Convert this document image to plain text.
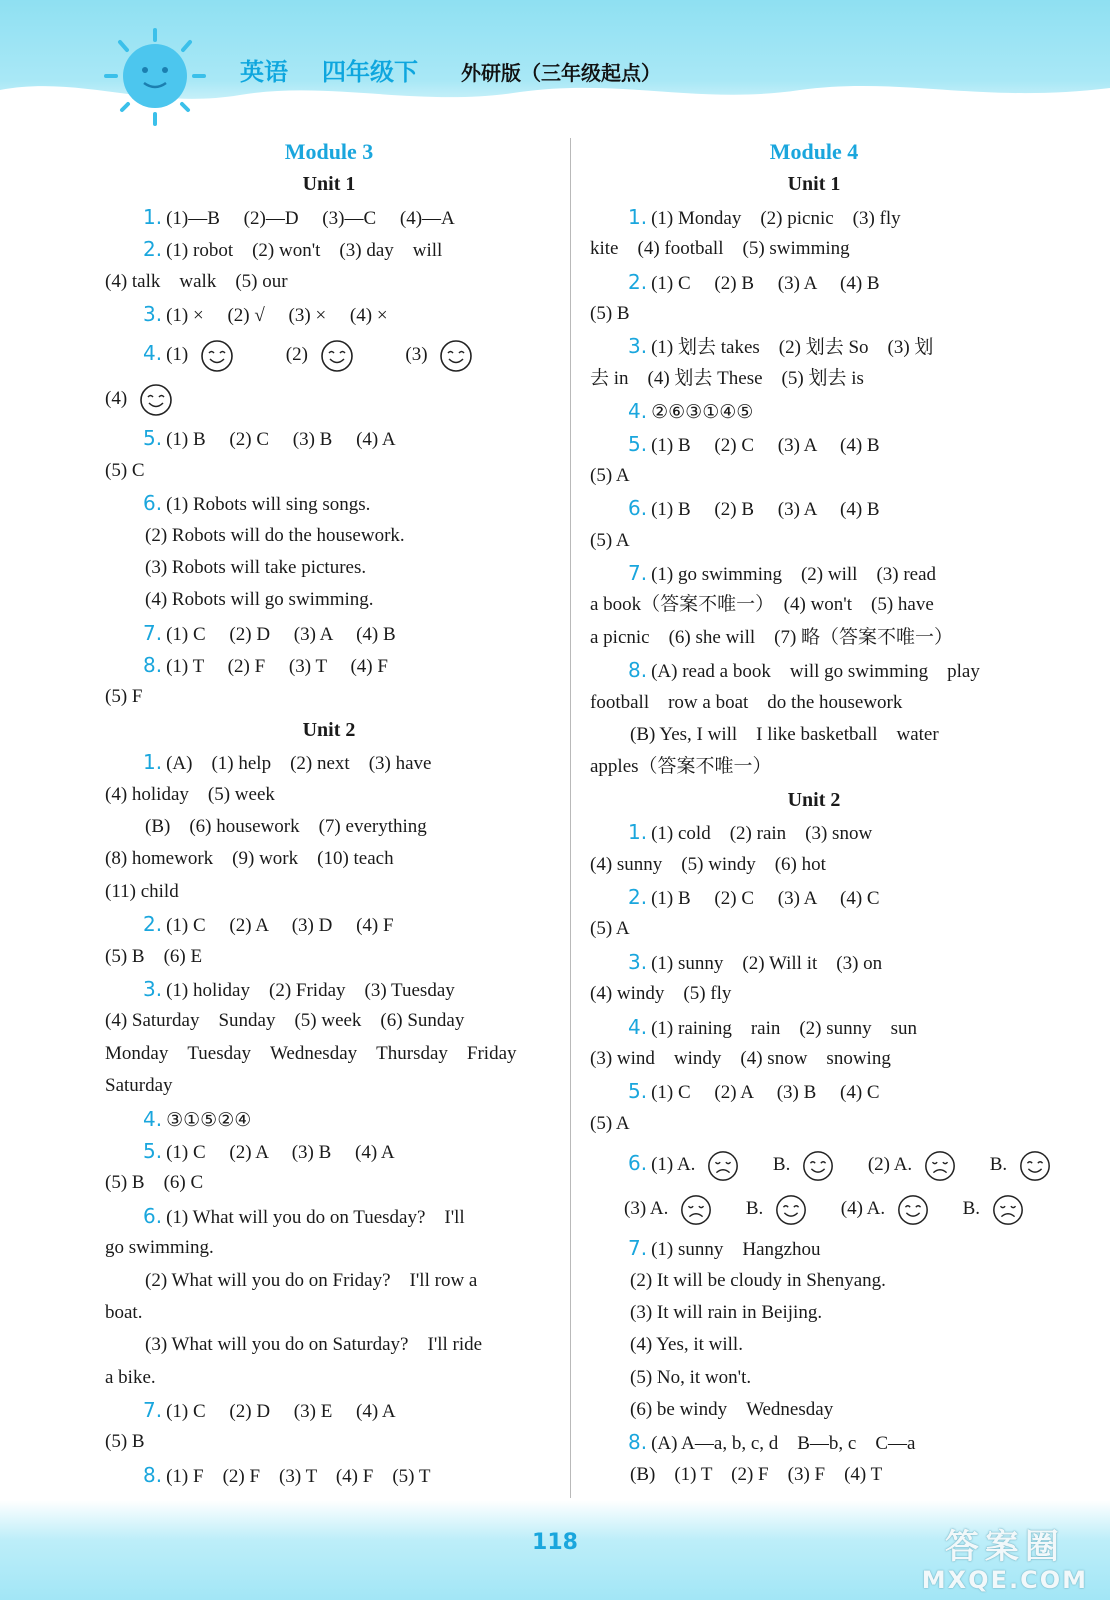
英语 四年级下 外研版（三年级起点）
Module 3
Unit 1
1. (1)—B　 (2)—D　 (3)—C　 (4)—A
2. (1) robot　(2) won't　(3) day　will
(4) talk　walk　(5) our
3. (1) ×　 (2) √　 (3) ×　 (4) ×
4. (1)	(2)	(3)
(4)
5. (1) B　 (2) C　 (3) B　 (4) A
(5) C
6. (1) Robots will sing songs.
(2) Robots will do the housework.
(3) Robots will take pictures.
(4) Robots will go swimming.
7. (1) C　 (2) D　 (3) A　 (4) B
8. (1) T　 (2) F　 (3) T　 (4) F
(5) F
Unit 2
1. (A)　(1) help　(2) next　(3) have
(4) holiday　(5) week
(B)　(6) housework　(7) everything
(8) homework　(9) work　(10) teach
(11) child
2. (1) C　 (2) A　 (3) D　 (4) F
(5) B　(6) E
3. (1) holiday　(2) Friday　(3) Tuesday
(4) Saturday　Sunday　(5) week　(6) Sunday
Monday　Tuesday　Wednesday　Thursday　Friday
Saturday
4. ③①⑤②④
5. (1) C　 (2) A　 (3) B　 (4) A
(5) B　(6) C
6. (1) What will you do on Tuesday?　I'll
go swimming.
(2) What will you do on Friday?　I'll row a
boat.
(3) What will you do on Saturday?　I'll ride
a bike.
7. (1) C　 (2) D　 (3) E　 (4) A
(5) B
8. (1) F　(2) F　(3) T　(4) F　(5) T
Module 4
Unit 1
1. (1) Monday　(2) picnic　(3) fly
kite　(4) football　(5) swimming
2. (1) C　 (2) B　 (3) A　 (4) B
(5) B
3. (1) 划去 takes　(2) 划去 So　(3) 划
去 in　(4) 划去 These　(5) 划去 is
4. ②⑥③①④⑤
5. (1) B　 (2) C　 (3) A　 (4) B
(5) A
6. (1) B　 (2) B　 (3) A　 (4) B
(5) A
7. (1) go swimming　(2) will　(3) read
a book（答案不唯一）　(4) won't　(5) have
a picnic　(6) she will　(7) 略（答案不唯一）
8. (A) read a book　will go swimming　play
football　row a boat　do the housework
(B) Yes, I will　I like basketball　water
apples（答案不唯一）
Unit 2
1. (1) cold　(2) rain　(3) snow
(4) sunny　(5) windy　(6) hot
2. (1) B　 (2) C　 (3) A　 (4) C
(5) A
3. (1) sunny　(2) Will it　(3) on
(4) windy　(5) fly
4. (1) raining　rain　(2) sunny　sun
(3) wind　windy　(4) snow　snowing
5. (1) C　 (2) A　 (3) B　 (4) C
(5) A
6. (1) A.	B.	(2) A.	B.
(3) A.	B.	(4) A.	B.
7. (1) sunny　Hangzhou
(2) It will be cloudy in Shenyang.
(3) It will rain in Beijing.
(4) Yes, it will.
(5) No, it won't.
(6) be windy　Wednesday
8. (A) A—a, b, c, d　B—b, c　C—a
(B)　(1) T　(2) F　(3) F　(4) T
118	答案圈
MXQE.COM
